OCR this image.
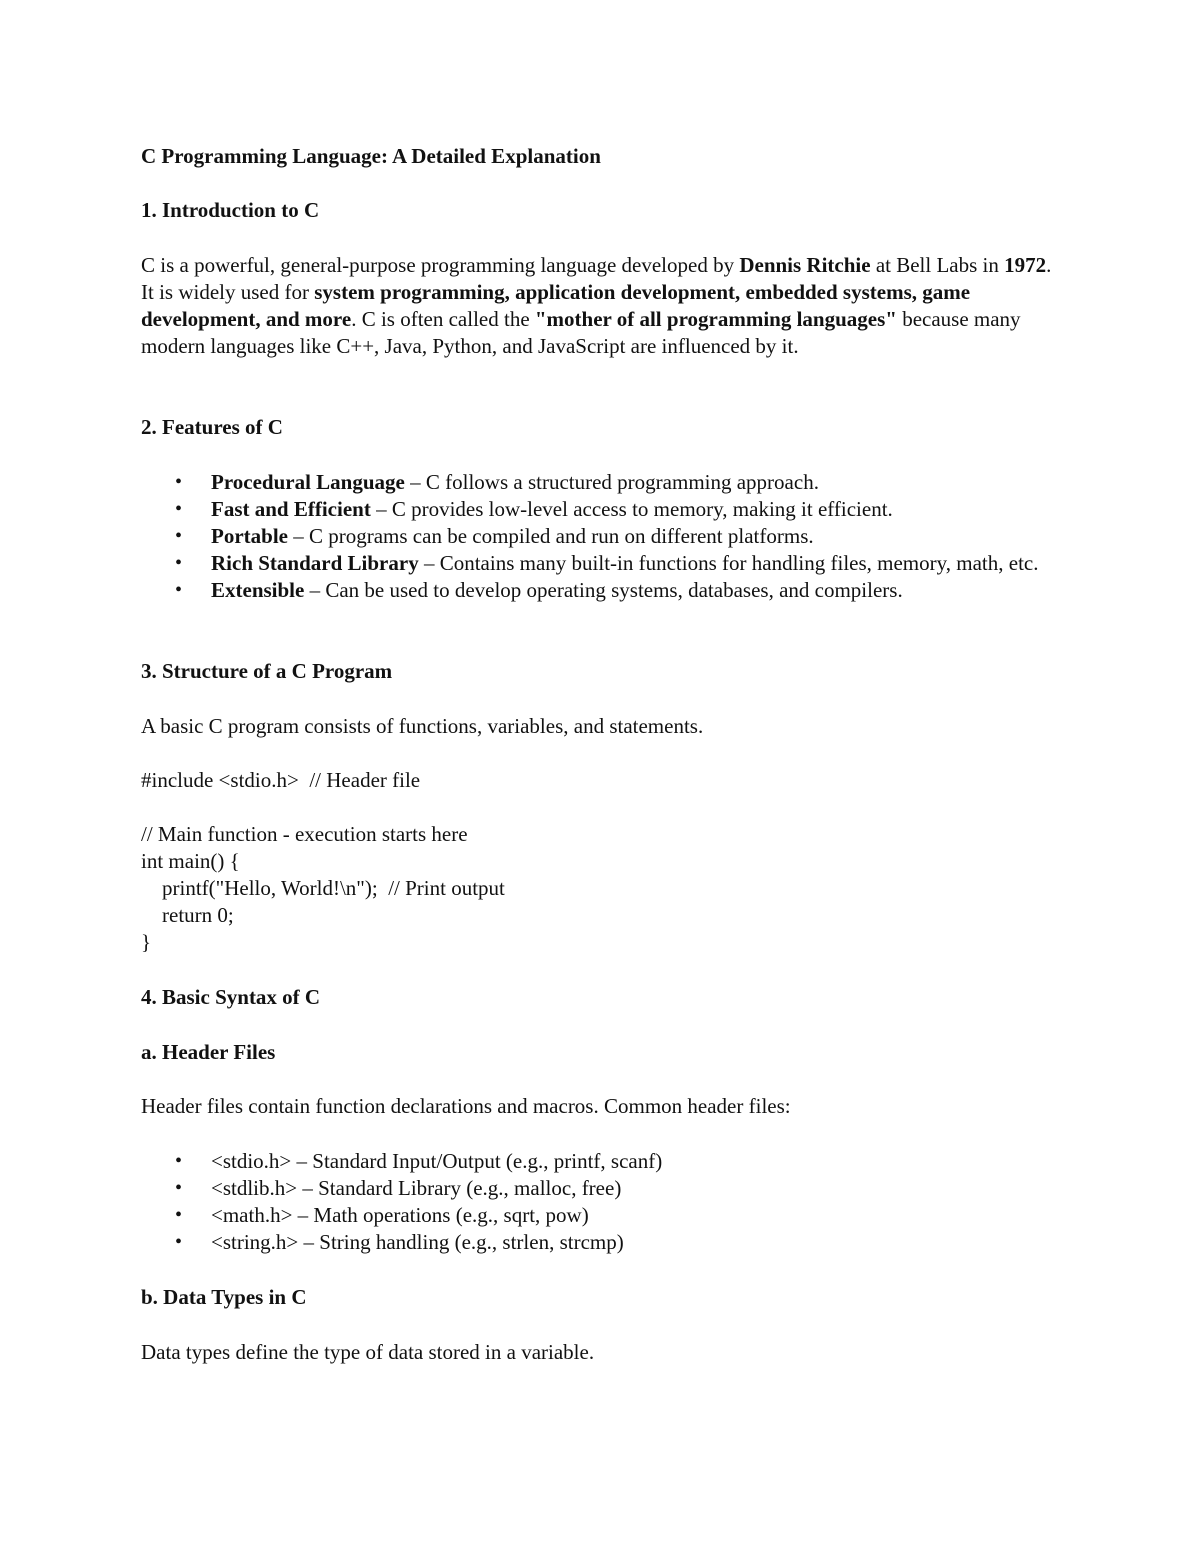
C Programming Language: A Detailed Explanation

1. Introduction to C

C is a powerful, general-purpose programming language developed by Dennis Ritchie at Bell Labs in 1972. It is widely used for system programming, application development, embedded systems, game development, and more. C is often called the "mother of all programming languages" because many modern languages like C++, Java, Python, and JavaScript are influenced by it.

2. Features of C

• Procedural Language – C follows a structured programming approach.
• Fast and Efficient – C provides low-level access to memory, making it efficient.
• Portable – C programs can be compiled and run on different platforms.
• Rich Standard Library – Contains many built-in functions for handling files, memory, math, etc.
• Extensible – Can be used to develop operating systems, databases, and compilers.

3. Structure of a C Program

A basic C program consists of functions, variables, and statements.

#include <stdio.h>  // Header file
// Main function - execution starts here
int main() {
printf("Hello, World!\n");  // Print output
return 0;
}

4. Basic Syntax of C

a. Header Files

Header files contain function declarations and macros. Common header files:

• <stdio.h> – Standard Input/Output (e.g., printf, scanf)
• <stdlib.h> – Standard Library (e.g., malloc, free)
• <math.h> – Math operations (e.g., sqrt, pow)
• <string.h> – String handling (e.g., strlen, strcmp)

b. Data Types in C

Data types define the type of data stored in a variable.
